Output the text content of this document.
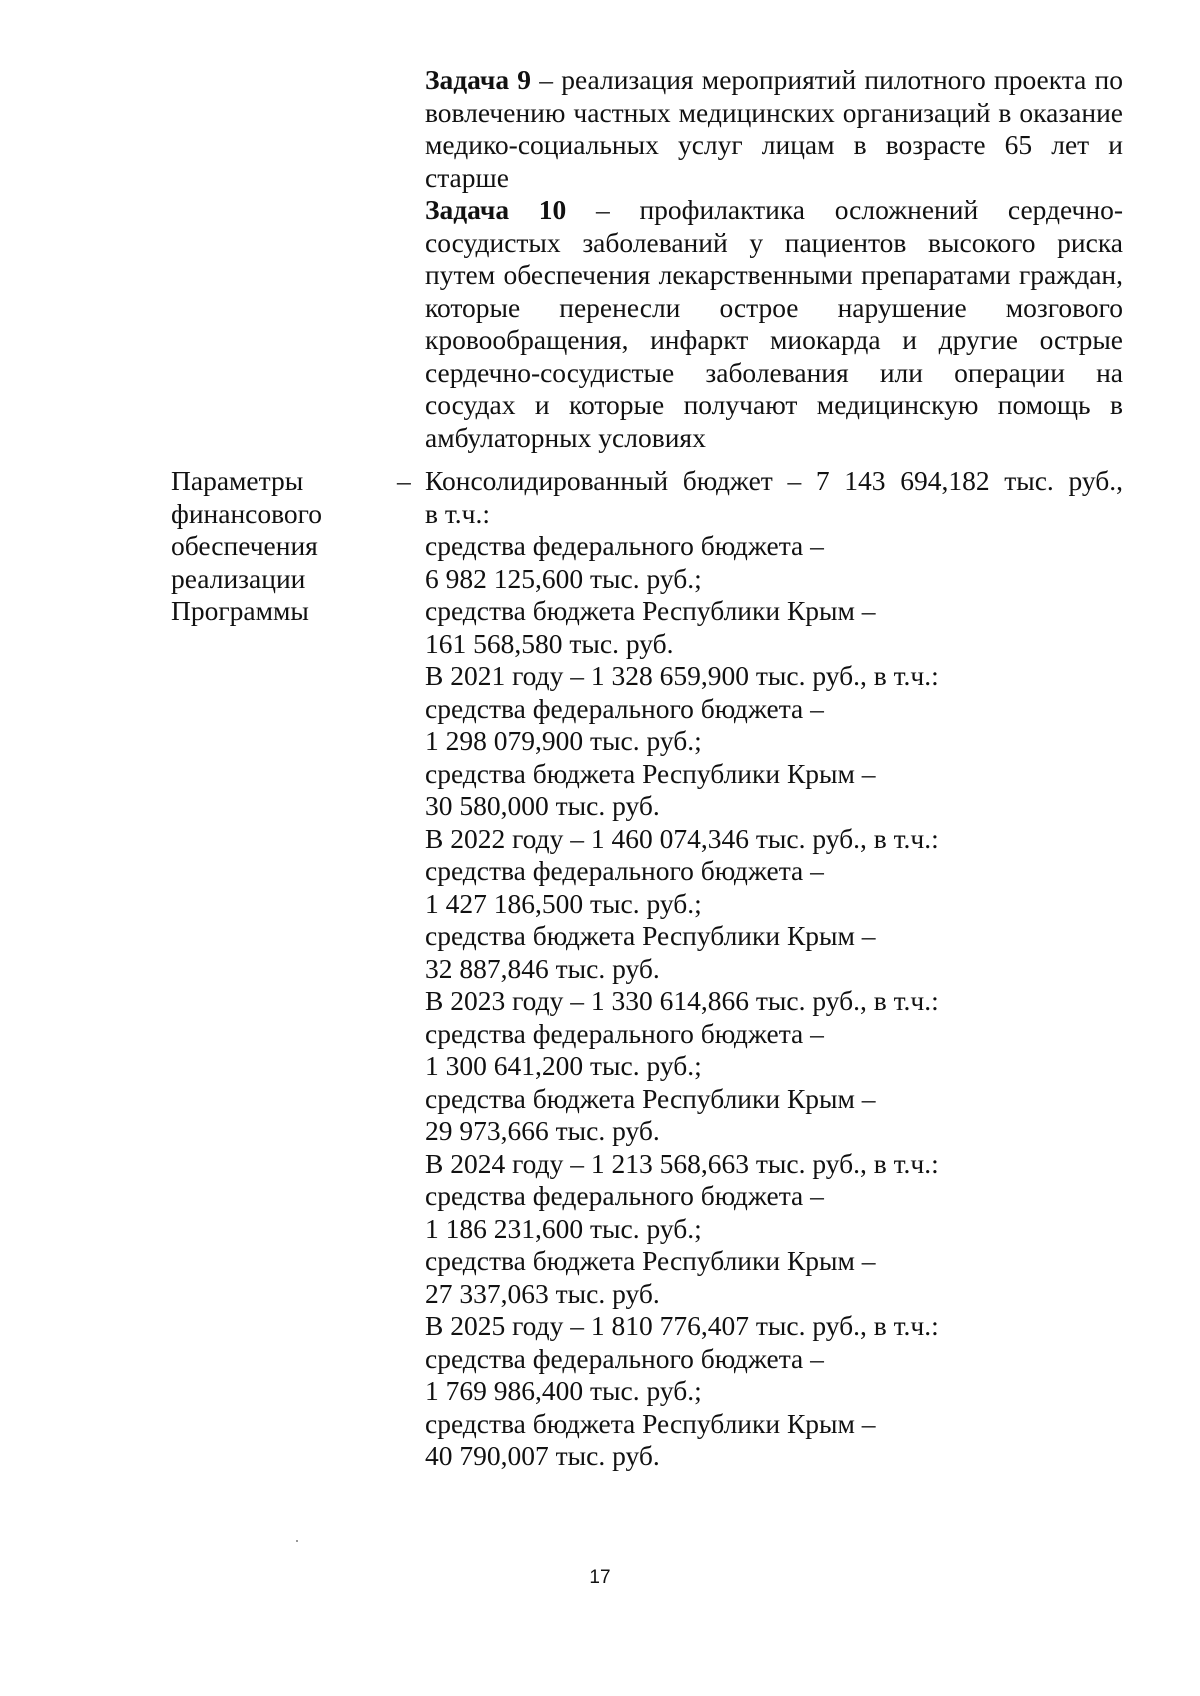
Задача 9 – реализация мероприятий пилотного проекта по вовлечению частных медицинских организаций в оказание медико-социальных услуг лицам в возрасте 65 лет и старше

Задача 10 – профилактика осложнений сердечно-сосудистых заболеваний у пациентов высокого риска путем обеспечения лекарственными препаратами граждан, которые перенесли острое нарушение мозгового кровообращения, инфаркт миокарда и другие острые сердечно-сосудистые заболевания или операции на сосудах и которые получают медицинскую помощь в амбулаторных условиях

Параметры
финансового
обеспечения
реализации
Программы
– Консолидированный бюджет – 7 143 694,182 тыс. руб.,
в т.ч.:
средства федерального бюджета –
6 982 125,600 тыс. руб.;
средства бюджета Республики Крым –
161 568,580 тыс. руб.
В 2021 году – 1 328 659,900 тыс. руб., в т.ч.:
средства федерального бюджета –
1 298 079,900 тыс. руб.;
средства бюджета Республики Крым –
30 580,000 тыс. руб.
В 2022 году – 1 460 074,346 тыс. руб., в т.ч.:
средства федерального бюджета –
1 427 186,500 тыс. руб.;
средства бюджета Республики Крым –
32 887,846 тыс. руб.
В 2023 году – 1 330 614,866 тыс. руб., в т.ч.:
средства федерального бюджета –
1 300 641,200 тыс. руб.;
средства бюджета Республики Крым –
29 973,666 тыс. руб.
В 2024 году – 1 213 568,663 тыс. руб., в т.ч.:
средства федерального бюджета –
1 186 231,600 тыс. руб.;
средства бюджета Республики Крым –
27 337,063 тыс. руб.
В 2025 году – 1 810 776,407 тыс. руб., в т.ч.:
средства федерального бюджета –
1 769 986,400 тыс. руб.;
средства бюджета Республики Крым –
40 790,007 тыс. руб.
17
